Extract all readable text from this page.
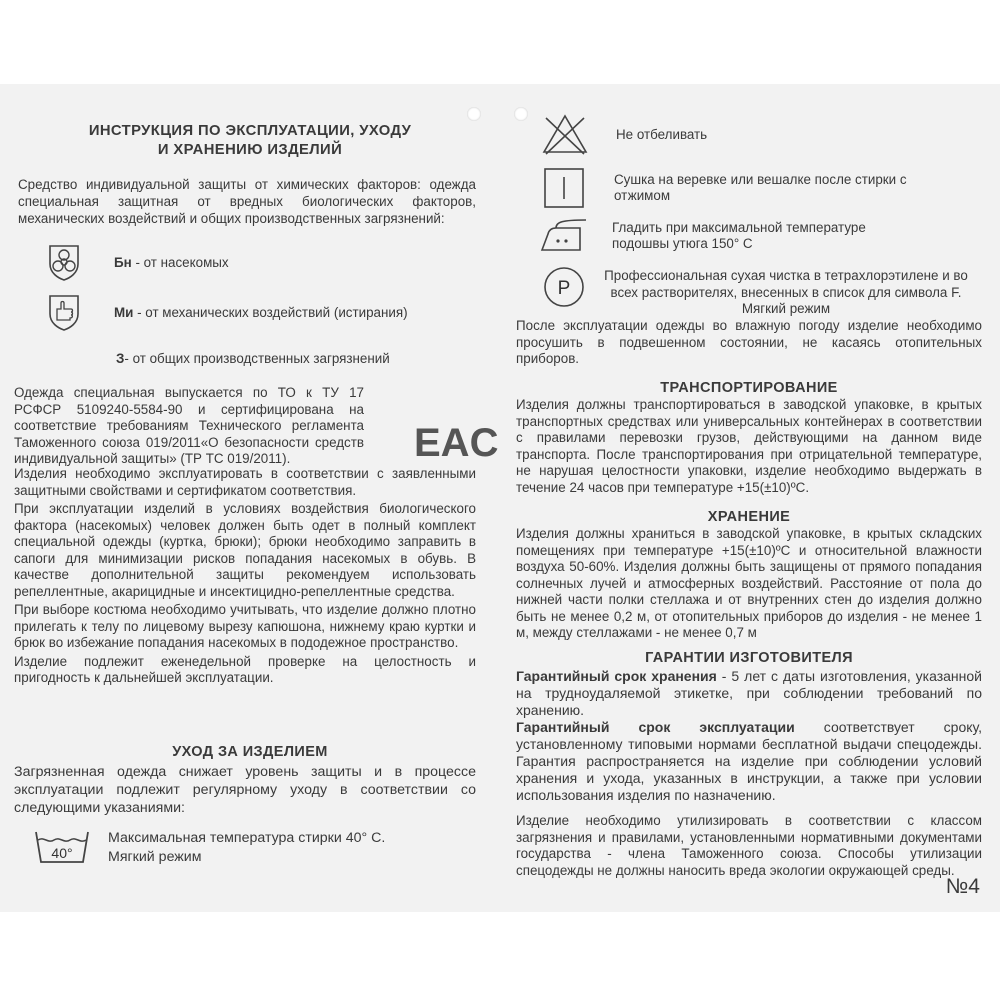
ИНСТРУКЦИЯ ПО ЭКСПЛУАТАЦИИ, УХОДУ
И ХРАНЕНИЮ ИЗДЕЛИЙ

Средство индивидуальной защиты от химических факторов: одежда специальная защитная от вредных биологических факторов, механических воздействий и общих производственных загрязнений:

Бн - от насекомых
Ми - от механических воздействий (истирания)
З - от общих производственных загрязнений

Одежда специальная выпускается по ТО к ТУ 17 РСФСР 5109240-5584-90 и сертифицирована на соответствие требованиям Технического регламента Таможенного союза 019/2011«О безопасности средств индивидуальной защиты» (ТР ТС 019/2011).	EAC

Изделия необходимо эксплуатировать в соответствии с заявленными защитными свойствами и сертификатом соответствия.

При эксплуатации изделий в условиях воздействия биологического фактора (насекомых) человек должен быть одет в полный комплект специальной одежды (куртка, брюки); брюки необходимо заправить в сапоги для минимизации рисков попадания насекомых в обувь. В качестве дополнительной защиты рекомендуем использовать репеллентные, акарицидные и инсектицидно-репеллентные средства.

При выборе костюма необходимо учитывать, что изделие должно плотно прилегать к телу по лицевому вырезу капюшона, нижнему краю куртки и брюк во избежание попадания насекомых в пододежное пространство.

Изделие подлежит еженедельной проверке на целостность и пригодность к дальнейшей эксплуатации.

УХОД ЗА ИЗДЕЛИЕМ

Загрязненная одежда снижает уровень защиты и в процессе эксплуатации подлежит регулярному уходу в соответствии со следующими указаниями:

40°
Максимальная температура стирки 40° С.
Мягкий режим
Не отбеливать
Сушка на веревке или вешалке после стирки с отжимом
Гладить при максимальной температуре подошвы утюга 150° С
P

Профессиональная сухая чистка в тетрахлорэтилене и во всех растворителях, внесенных в список для символа F. Мягкий режим

После эксплуатации одежды во влажную погоду изделие необходимо просушить в подвешенном состоянии, не касаясь отопительных приборов.

ТРАНСПОРТИРОВАНИЕ

Изделия должны транспортироваться в заводской упаковке, в крытых транспортных средствах или универсальных контейнерах в соответствии с правилами перевозки грузов, действующими на данном виде транспорта. После транспортирования при отрицательной температуре, не нарушая целостности упаковки, изделие необходимо выдержать в течение 24 часов при температуре +15(±10)ºС.

ХРАНЕНИЕ

Изделия должны храниться в заводской упаковке, в крытых складских помещениях при температуре +15(±10)ºС и относительной влажности воздуха 50-60%. Изделия должны быть защищены от прямого попадания солнечных лучей и атмосферных воздействий. Расстояние от пола до нижней части полки стеллажа и от внутренних стен до изделия должно быть не менее 0,2 м, от отопительных приборов до изделия - не менее 1 м, между стеллажами - не менее 0,7 м

ГАРАНТИИ ИЗГОТОВИТЕЛЯ

Гарантийный срок хранения - 5 лет с даты изготовления, указанной на трудноудаляемой этикетке, при соблюдении требований по хранению.

Гарантийный срок эксплуатации соответствует сроку, установленному типовыми нормами бесплатной выдачи спецодежды. Гарантия распространяется на изделие при соблюдении условий хранения и ухода, указанных в инструкции, а также при условии использования изделия по назначению.

Изделие необходимо утилизировать в соответствии с классом загрязнения и правилами, установленными нормативными документами государства - члена Таможенного союза. Способы утилизации спецодежды не должны наносить вреда экологии окружающей среды.

№4
